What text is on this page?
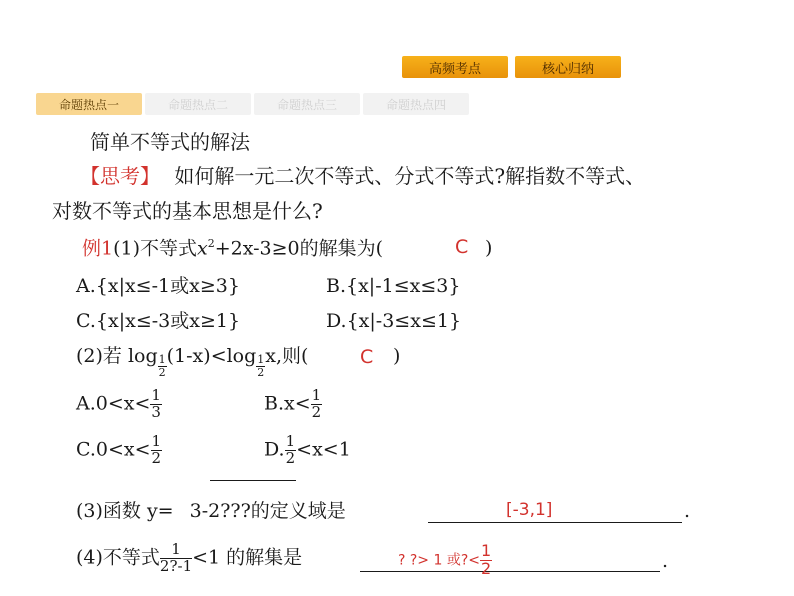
高频考点	核心归纳
命题热点一	命题热点二	命题热点三	命题热点四
简单不等式的解法
【思考】 如何解一元二次不等式、分式不等式?解指数不等式、
对数不等式的基本思想是什么?
例1(1)不等式$x^2+2x-3\ge 0$的解集为(	C )
A.{x|x≤-1或x≥3}	B.{x|-1≤x≤3}
C.{x|x≤-3或x≥1}	D.{x|-3≤x≤1}
(2)若 $\log \frac{1}{2} (1-x)<\log \frac{1}{2} x$,则(	C )
$A.0<x< \frac{1}{3}$	$B.x< \frac{1}{2}$
$C.0<x< \frac{1}{2}$	D. $\frac{1}{2} <x<1$
(3)函数 y= 3-2???的定义域是	[-3,1]	.
(4)不等式 $\frac{1}{2?-1} <1$ 的解集是	? ?> 1 或?< $\frac{1}{2}$	.
